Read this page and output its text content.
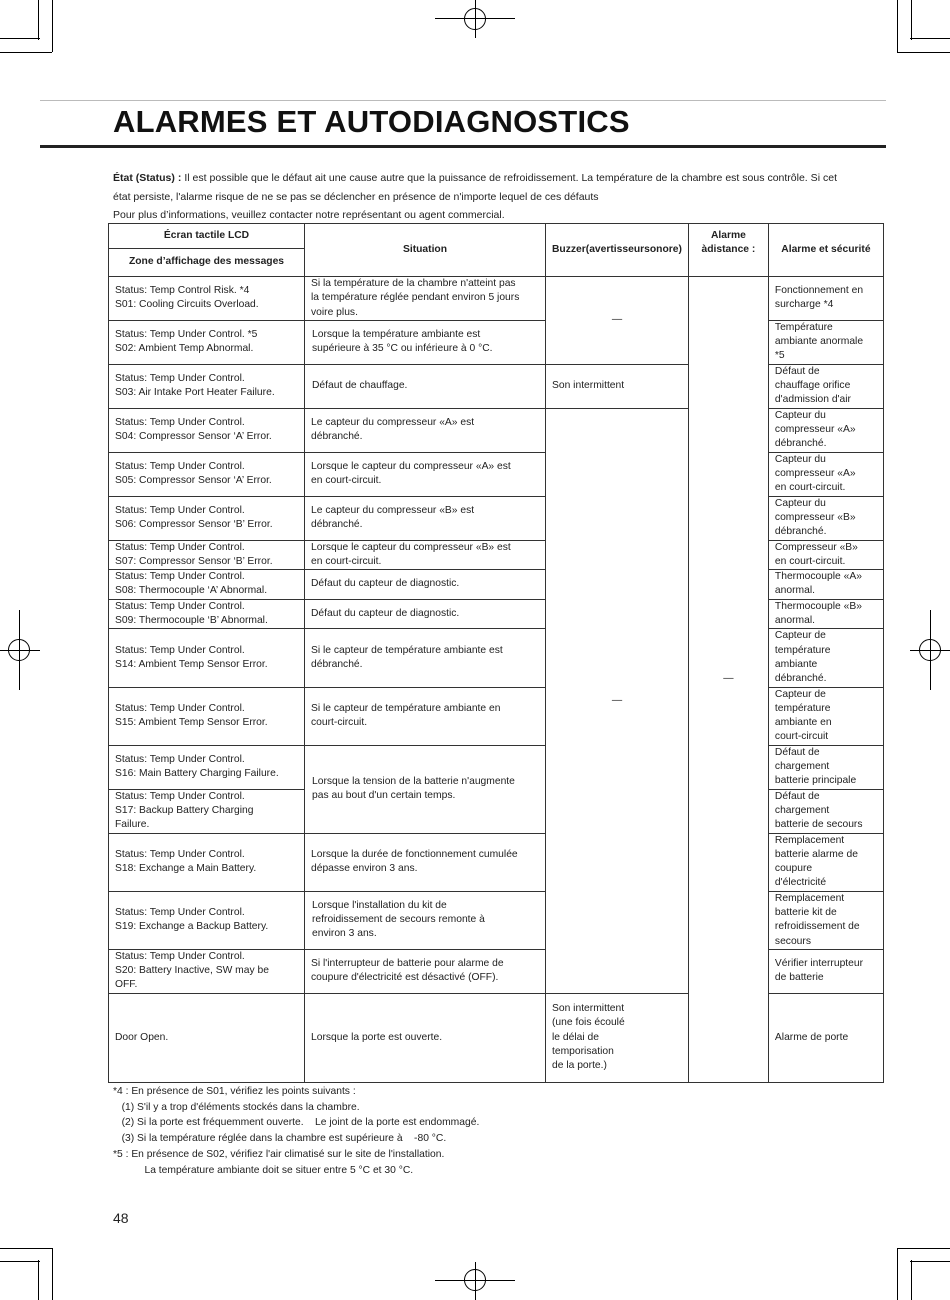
ALARMES ET AUTODIAGNOSTICS

État (Status) : Il est possible que le défaut ait une cause autre que la puissance de refroidissement. La température de la chambre est sous contrôle. Si cet état persiste, l'alarme risque de ne se pas se déclencher en présence de n'importe lequel de ces défauts

Pour plus d’informations, veuillez contacter notre représentant ou agent commercial.

Écran tactile LCD	Situation	Buzzer(avertisseursonore)	Alarme àdistance :	Alarme et sécurité
Zone d’affichage des messages				

Status: Temp Control Risk. *4
S01: Cooling Circuits Overload.	Si la température de la chambre n'atteint pas
la température réglée pendant environ 5 jours
voire plus.	—	—	Fonctionnement en
surcharge *4

Status: Temp Under Control. *5
S02: Ambient Temp Abnormal.	Lorsque la température ambiante est
supérieure à 35 °C ou inférieure à 0 °C.			Température
ambiante anormale
*5

Status: Temp Under Control.
S03: Air Intake Port Heater Failure.	Défaut de chauffage.	Son intermittent		Défaut de
chauffage orifice
d'admission d'air

Status: Temp Under Control.
S04: Compressor Sensor ‘A’ Error.	Le capteur du compresseur «A» est
débranché.	—		Capteur du
compresseur «A»
débranché.

Status: Temp Under Control.
S05: Compressor Sensor ‘A’ Error.	Lorsque le capteur du compresseur «A» est
en court-circuit.			Capteur du
compresseur «A»
en court-circuit.

Status: Temp Under Control.
S06: Compressor Sensor ‘B’ Error.	Le capteur du compresseur «B» est
débranché.			Capteur du
compresseur «B»
débranché.

Status: Temp Under Control.
S07: Compressor Sensor ‘B’ Error.	Lorsque le capteur du compresseur «B» est
en court-circuit.			Compresseur «B»
en court-circuit.

Status: Temp Under Control.
S08: Thermocouple ‘A’ Abnormal.	Défaut du capteur de diagnostic.			Thermocouple «A»
anormal.

Status: Temp Under Control.
S09: Thermocouple ‘B’ Abnormal.	Défaut du capteur de diagnostic.			Thermocouple «B»
anormal.

Status: Temp Under Control.
S14: Ambient Temp Sensor Error.	Si le capteur de température ambiante est
débranché.			Capteur de
température
ambiante
débranché.

Status: Temp Under Control.
S15: Ambient Temp Sensor Error.	Si le capteur de température ambiante en
court-circuit.			Capteur de
température
ambiante en
court-circuit

Status: Temp Under Control.
S16: Main Battery Charging Failure.	Lorsque la tension de la batterie n'augmente
pas au bout d'un certain temps.			Défaut de
chargement
batterie principale

Status: Temp Under Control.
S17: Backup Battery Charging
Failure.				Défaut de
chargement
batterie de secours

Status: Temp Under Control.
S18: Exchange a Main Battery.	Lorsque la durée de fonctionnement cumulée
dépasse environ 3 ans.			Remplacement
batterie alarme de
coupure
d'électricité

Status: Temp Under Control.
S19: Exchange a Backup Battery.	Lorsque l'installation du kit de
refroidissement de secours remonte à
environ 3 ans.			Remplacement
batterie kit de
refroidissement de
secours

Status: Temp Under Control.
S20: Battery Inactive, SW may be
OFF.	Si l'interrupteur de batterie pour alarme de
coupure d'électricité est désactivé (OFF).			Vérifier interrupteur
de batterie

Door Open.	Lorsque la porte est ouverte.	Son intermittent
(une fois écoulé
le délai de
temporisation
de la porte.)		Alarme de porte
*4 : En présence de S01, vérifiez les points suivants :
(1) S'il y a trop d'éléments stockés dans la chambre.
(2) Si la porte est fréquemment ouverte.    Le joint de la porte est endommagé.
(3) Si la température réglée dans la chambre est supérieure à    -80 °C.
*5 : En présence de S02, vérifiez l'air climatisé sur le site de l'installation.
La température ambiante doit se situer entre 5 °C et 30 °C.
48
